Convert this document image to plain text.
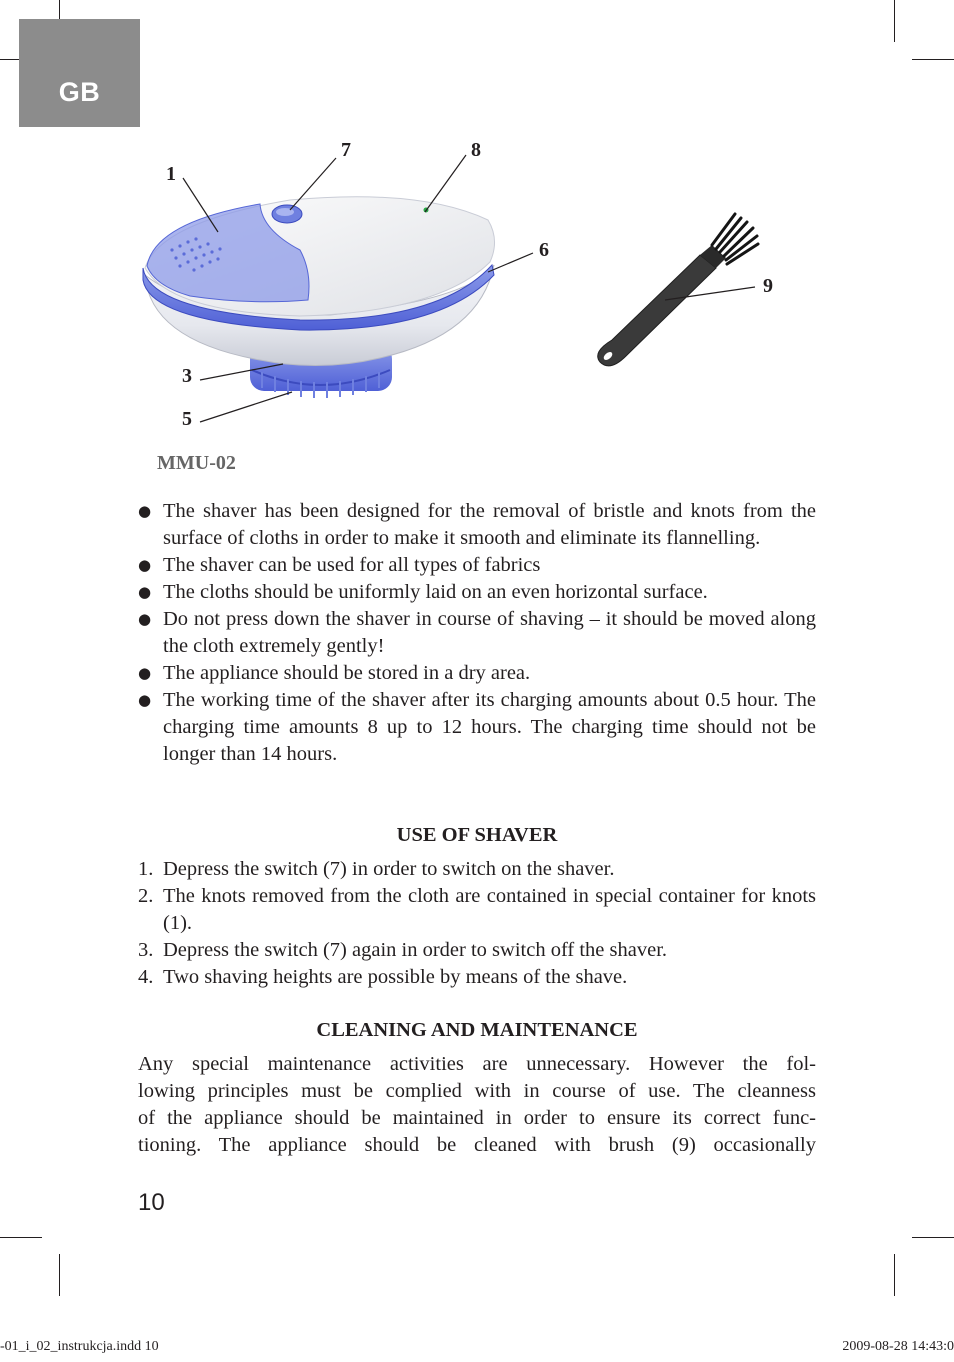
GB
1
7	8
6
9
3
5
MMU-02
● The shaver has been designed for the removal of bristle and knots from the surface of cloths in order to make it smooth and eliminate its flannelling.
● The shaver can be used for all types of fabrics
● The cloths should be uniformly laid on an even horizontal surface.
● Do not press down the shaver in course of shaving – it should be moved along the cloth extremely gently!
● The appliance should be stored in a dry area.
● The working time of the shaver after its charging amounts about 0.5 hour. The charging time amounts 8 up to 12 hours. The charging time should not be longer than 14 hours.
USE OF SHAVER
1. Depress the switch (7) in order to switch on the shaver.
2. The knots removed from the cloth are contained in special container for knots (1).
3. Depress the switch (7) again in order to switch off the shaver.
4. Two shaving heights are possible by means of the shave.
CLEANING AND MAINTENANCE
Any special maintenance activities are unnecessary. However the fol-
lowing principles must be complied with in course of use. The cleanness
of the appliance should be maintained in order to ensure its correct func-
tioning. The appliance should be cleaned with brush (9) occasionally
10
-01_i_02_instrukcja.indd 10	2009-08-28 14:43:0
